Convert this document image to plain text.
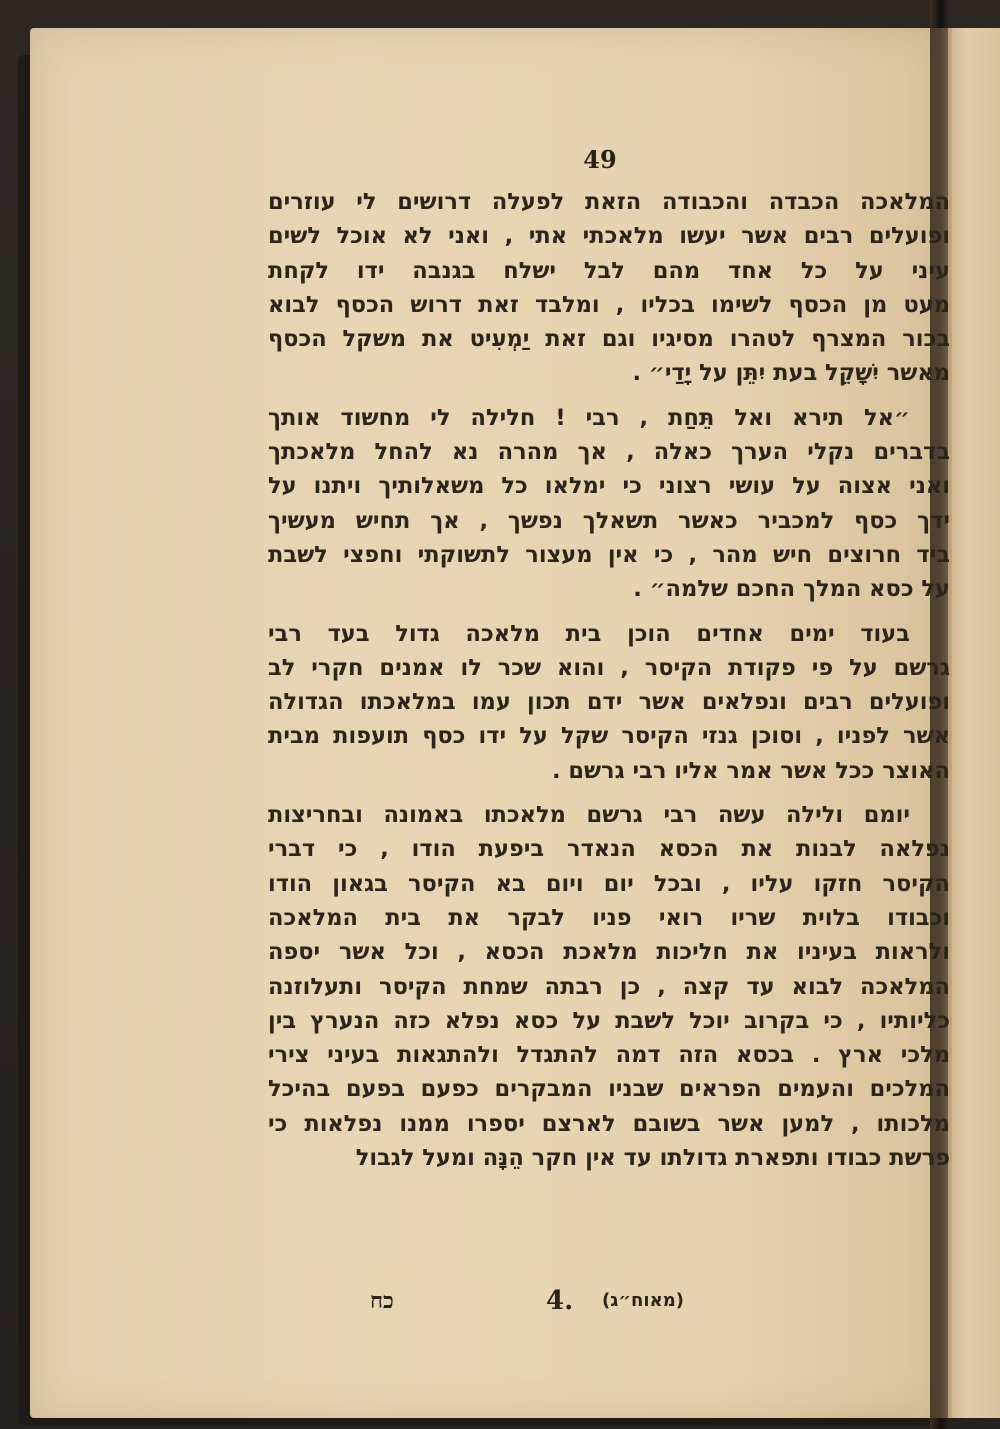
49
המלאכה הכבדה והכבודה הזאת לפעלה דרושים לי עוזרים
ופועלים רבים אשר יעשו מלאכתי אתי , ואני לא אוכל לשים
עיני על כל אחד מהם לבל ישלח בגנבה ידו לקחת
מעט מן הכסף לשימו בכליו , ומלבד זאת דרוש הכסף לבוא
בכור המצרף לטהרו מסיגיו וגם זאת יַמְעִיט את משקל הכסף
מאשר יִשָׁקֵל בעת יִתֵּן על יָדַי״ .
״אל תירא ואל תֵּחַת , רבי ! חלילה לי מחשוד אותך
בדברים נקלי הערך כאלה , אך מהרה נא להחל מלאכתך
ואני אצוה על עושי רצוני כי ימלאו כל משאלותיך ויתנו על
ידך כסף למכביר כאשר תשאלך נפשך , אך תחיש מעשיך
ביד חרוצים חיש מהר , כי אין מעצור לתשוקתי וחפצי לשבת
על כסא המלך החכם שלמה״ .
בעוד ימים אחדים הוכן בית מלאכה גדול בעד רבי
גרשם על פי פקודת הקיסר , והוא שכר לו אמנים חקרי לב
ופועלים רבים ונפלאים אשר ידם תכון עמו במלאכתו הגדולה
אשר לפניו , וסוכן גנזי הקיסר שקל על ידו כסף תועפות מבית
האוצר ככל אשר אמר אליו רבי גרשם .
יומם ולילה עשה רבי גרשם מלאכתו באמונה ובחריצות
נפלאה לבנות את הכסא הנאדר ביפעת הודו , כי דברי
הקיסר חזקו עליו , ובכל יום ויום בא הקיסר בגאון הודו
וכבודו בלוית שריו רואי פניו לבקר את בית המלאכה
ולראות בעיניו את חליכות מלאכת הכסא , וכל אשר יספה
המלאכה לבוא עד קצה , כן רבתה שמחת הקיסר ותעלוזנה
כליותיו , כי בקרוב יוכל לשבת על כסא נפלא כזה הנערץ בין
מלכי ארץ . בכסא הזה דמה להתגדל ולהתגאות בעיני צירי
המלכים והעמים הפראים שבניו המבקרים כפעם בפעם בהיכל
מלכותו , למען אשר בשובם לארצם יספרו ממנו נפלאות כי
פרשת כבודו ותפארת גדולתו עד אין חקר הֵנָּה ומעל לגבול
כח	4. (מאוח״ג)
